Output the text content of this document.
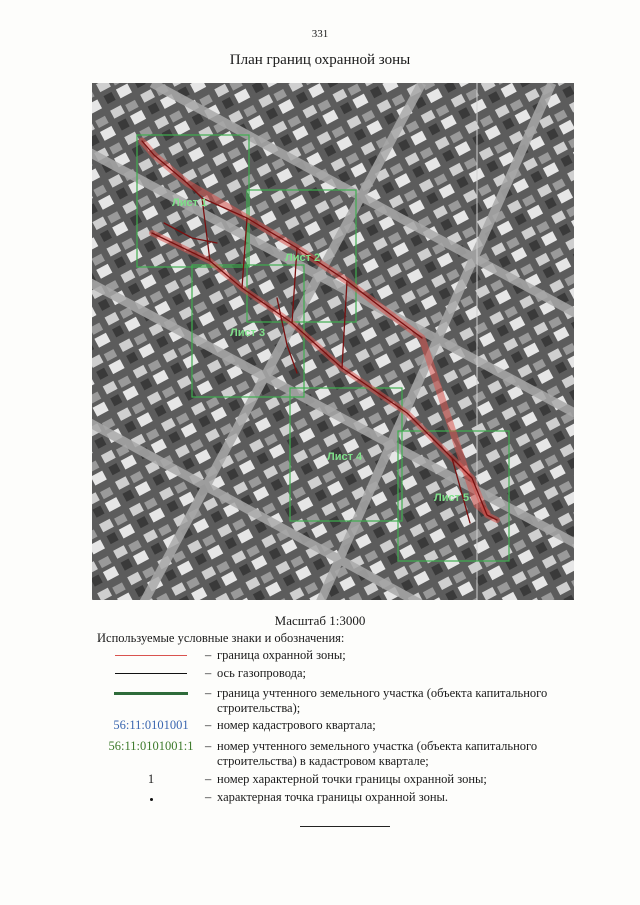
331
План границ охранной зоны
Лист 1
Лист 2
Лист 3
Лист 4
Лист 5
Масштаб 1:3000
Используемые условные знаки и обозначения:
– граница охранной зоны;
– ось газопровода;
– граница учтенного земельного участка (объекта капитального строительства);
56:11:0101001 – номер кадастрового квартала;
56:11:0101001:1 – номер учтенного земельного участка (объекта капитального строительства) в кадастровом квартале;
1	– номер характерной точки границы охранной зоны;
– характерная точка границы охранной зоны.
